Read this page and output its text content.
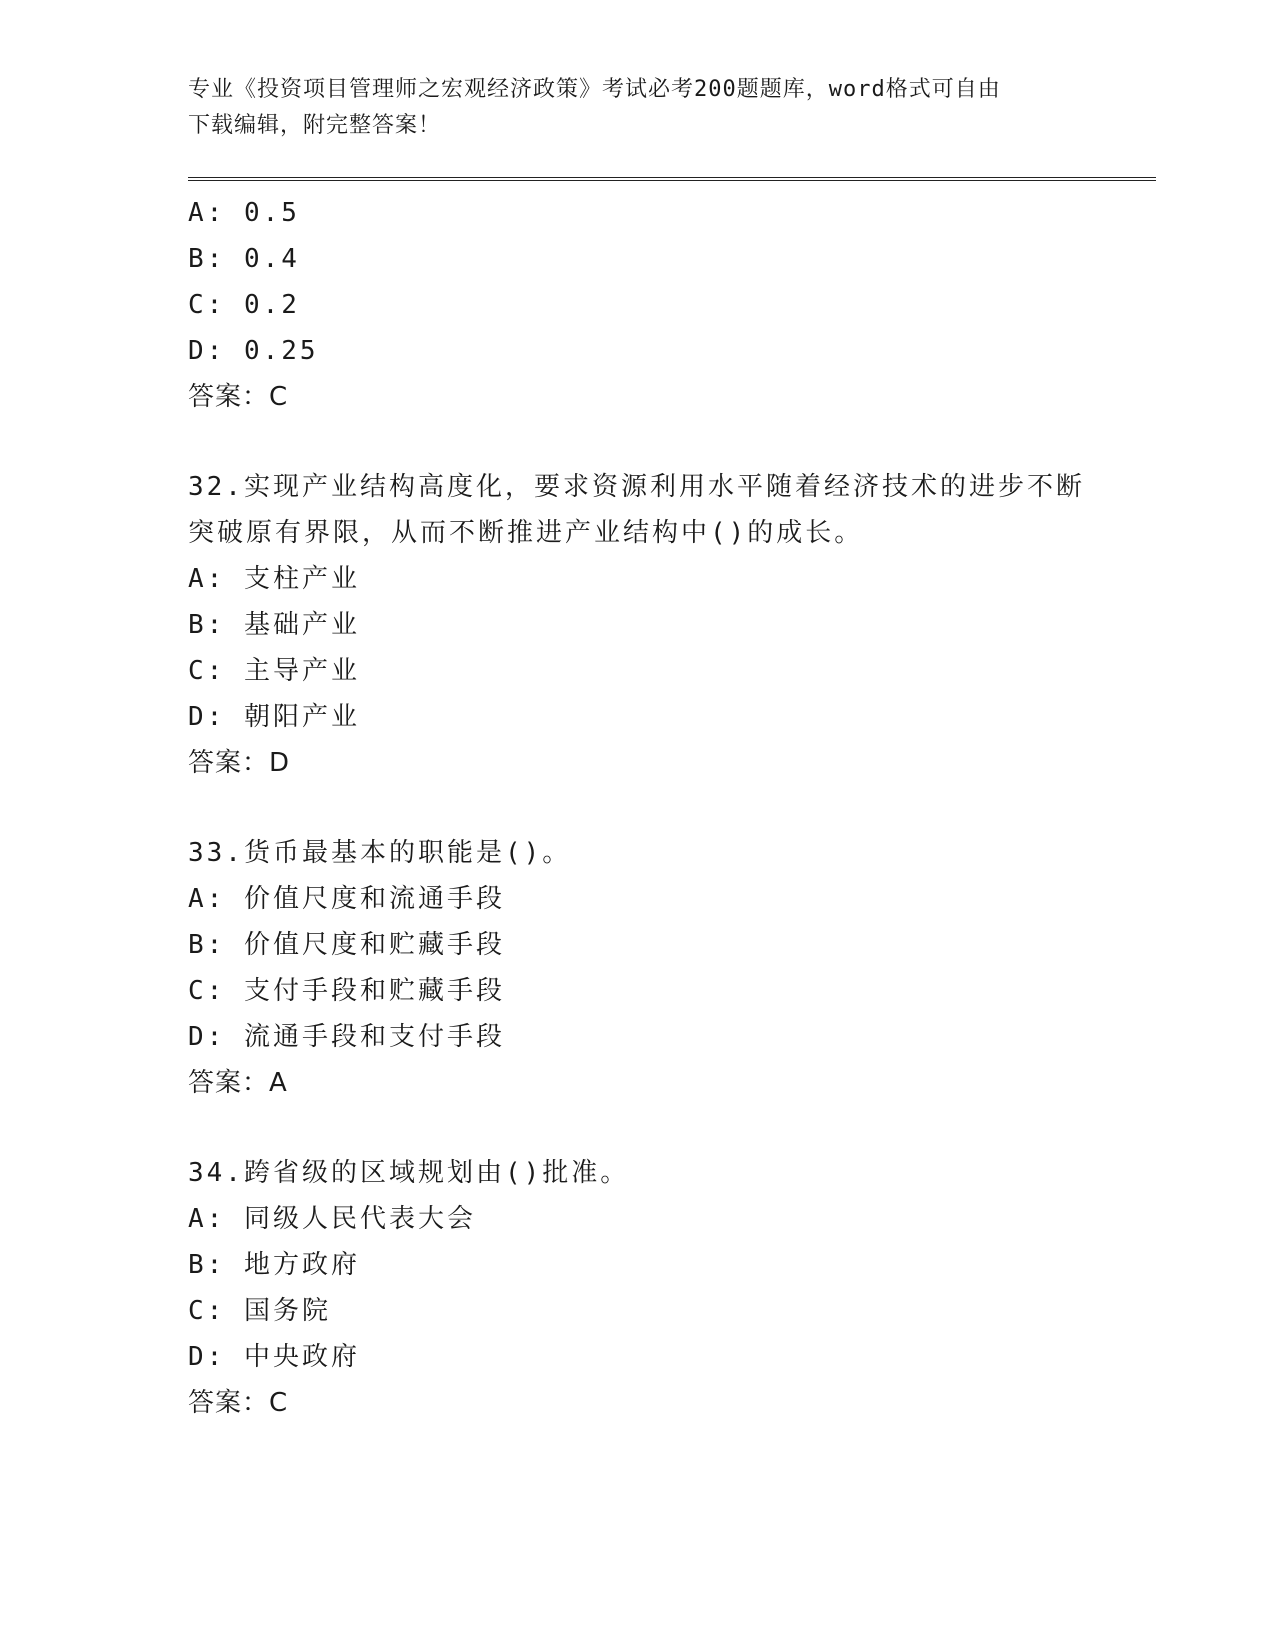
专业《投资项目管理师之宏观经济政策》考试必考200题题库，word格式可自由
下载编辑，附完整答案！
A: 0.5
B: 0.4
C: 0.2
D: 0.25
答案：C
32.实现产业结构高度化，要求资源利用水平随着经济技术的进步不断
突破原有界限，从而不断推进产业结构中()的成长。
A: 支柱产业
B: 基础产业
C: 主导产业
D: 朝阳产业
答案：D
33.货币最基本的职能是()。
A: 价值尺度和流通手段
B: 价值尺度和贮藏手段
C: 支付手段和贮藏手段
D: 流通手段和支付手段
答案：A
34.跨省级的区域规划由()批准。
A: 同级人民代表大会
B: 地方政府
C: 国务院
D: 中央政府
答案：C
